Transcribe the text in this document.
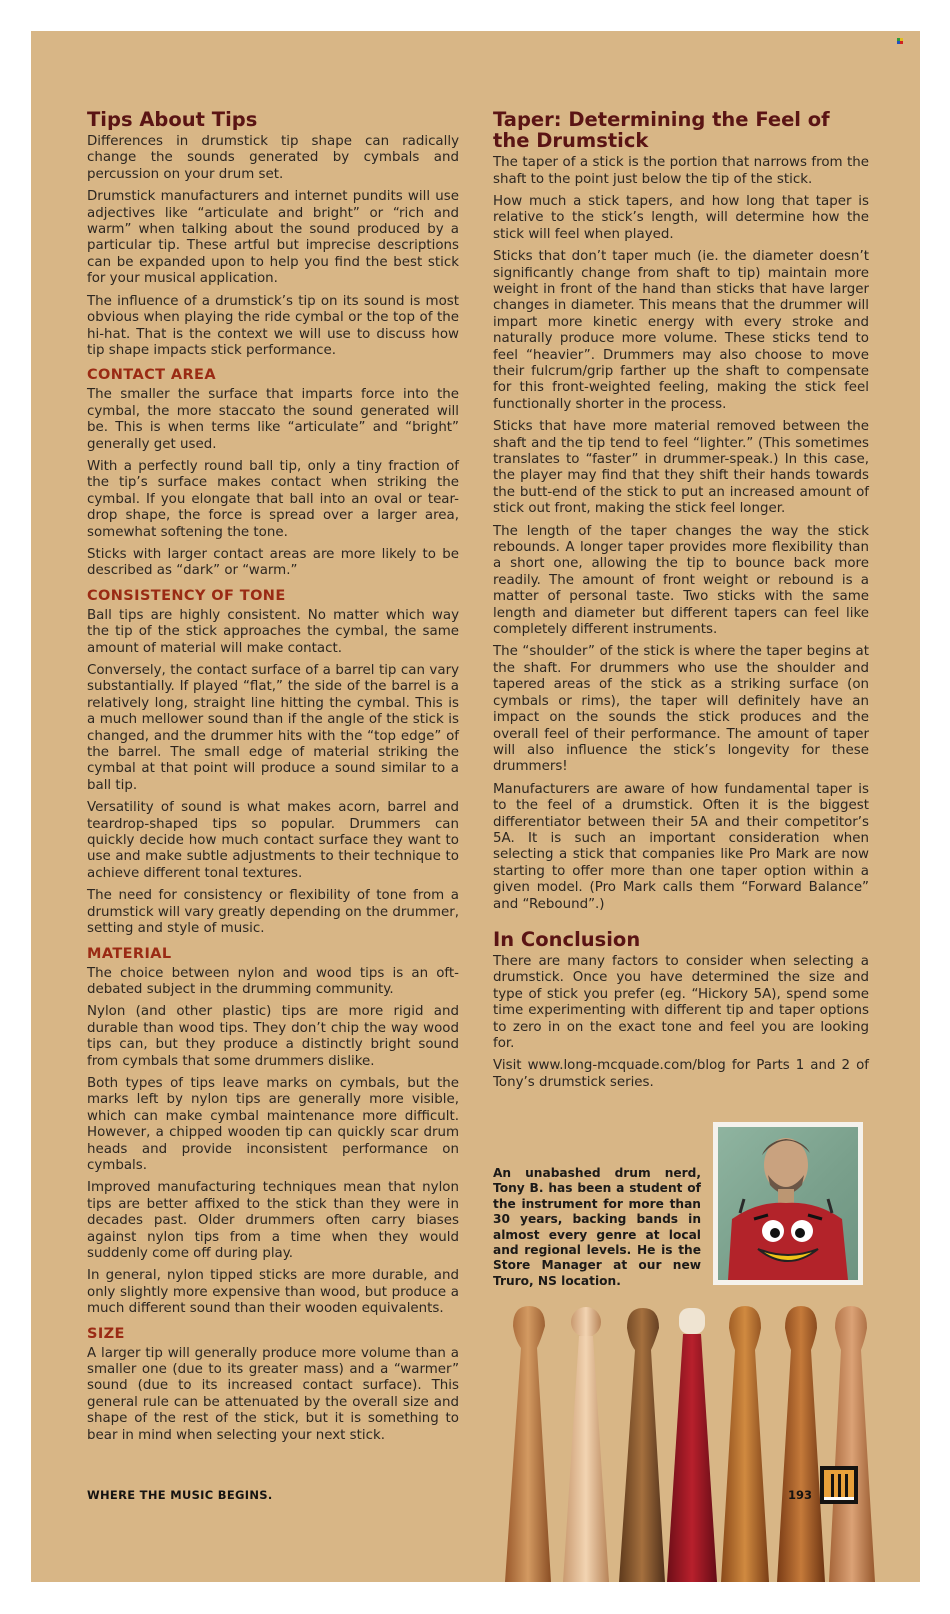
Tips About Tips

Differences in drumstick tip shape can radically change the sounds generated by cymbals and percussion on your drum set.

Drumstick manufacturers and internet pundits will use adjectives like “articulate and bright” or “rich and warm” when talking about the sound produced by a particular tip. These artful but imprecise descriptions can be expanded upon to help you find the best stick for your musical application.

The influence of a drumstick’s tip on its sound is most obvious when playing the ride cymbal or the top of the hi-hat. That is the context we will use to discuss how tip shape impacts stick performance.

CONTACT AREA

The smaller the surface that imparts force into the cymbal, the more staccato the sound generated will be. This is when terms like “articulate” and “bright” generally get used.

With a perfectly round ball tip, only a tiny fraction of the tip’s surface makes contact when striking the cymbal. If you elongate that ball into an oval or tear-drop shape, the force is spread over a larger area, somewhat softening the tone.

Sticks with larger contact areas are more likely to be described as “dark” or “warm.”

CONSISTENCY OF TONE

Ball tips are highly consistent. No matter which way the tip of the stick approaches the cymbal, the same amount of material will make contact.

Conversely, the contact surface of a barrel tip can vary substantially. If played “flat,” the side of the barrel is a relatively long, straight line hitting the cymbal. This is a much mellower sound than if the angle of the stick is changed, and the drummer hits with the “top edge” of the barrel. The small edge of material striking the cymbal at that point will produce a sound similar to a ball tip.

Versatility of sound is what makes acorn, barrel and teardrop-shaped tips so popular. Drummers can quickly decide how much contact surface they want to use and make subtle adjustments to their technique to achieve different tonal textures.

The need for consistency or flexibility of tone from a drumstick will vary greatly depending on the drummer, setting and style of music.

MATERIAL

The choice between nylon and wood tips is an oft-debated subject in the drumming community.

Nylon (and other plastic) tips are more rigid and durable than wood tips. They don’t chip the way wood tips can, but they produce a distinctly bright sound from cymbals that some drummers dislike.

Both types of tips leave marks on cymbals, but the marks left by nylon tips are generally more visible, which can make cymbal maintenance more difficult. However, a chipped wooden tip can quickly scar drum heads and provide inconsistent performance on cymbals.

Improved manufacturing techniques mean that nylon tips are better affixed to the stick than they were in decades past. Older drummers often carry biases against nylon tips from a time when they would suddenly come off during play.

In general, nylon tipped sticks are more durable, and only slightly more expensive than wood, but produce a much different sound than their wooden equivalents.

SIZE

A larger tip will generally produce more volume than a smaller one (due to its greater mass) and a “warmer” sound (due to its increased contact surface). This general rule can be attenuated by the overall size and shape of the rest of the stick, but it is something to bear in mind when selecting your next stick.

Taper: Determining the Feel of the Drumstick

The taper of a stick is the portion that narrows from the shaft to the point just below the tip of the stick.

How much a stick tapers, and how long that taper is relative to the stick’s length, will determine how the stick will feel when played.

Sticks that don’t taper much (ie. the diameter doesn’t significantly change from shaft to tip) maintain more weight in front of the hand than sticks that have larger changes in diameter. This means that the drummer will impart more kinetic energy with every stroke and naturally produce more volume. These sticks tend to feel “heavier”. Drummers may also choose to move their fulcrum/grip farther up the shaft to compensate for this front-weighted feeling, making the stick feel functionally shorter in the process.

Sticks that have more material removed between the shaft and the tip tend to feel “lighter.” (This sometimes translates to “faster” in drummer-speak.) In this case, the player may find that they shift their hands towards the butt-end of the stick to put an increased amount of stick out front, making the stick feel longer.

The length of the taper changes the way the stick rebounds. A longer taper provides more flexibility than a short one, allowing the tip to bounce back more readily. The amount of front weight or rebound is a matter of personal taste. Two sticks with the same length and diameter but different tapers can feel like completely different instruments.

The “shoulder” of the stick is where the taper begins at the shaft. For drummers who use the shoulder and tapered areas of the stick as a striking surface (on cymbals or rims), the taper will definitely have an impact on the sounds the stick produces and the overall feel of their performance. The amount of taper will also influence the stick’s longevity for these drummers!

Manufacturers are aware of how fundamental taper is to the feel of a drumstick. Often it is the biggest differentiator between their 5A and their competitor’s 5A. It is such an important consideration when selecting a stick that companies like Pro Mark are now starting to offer more than one taper option within a given model. (Pro Mark calls them “Forward Balance” and “Rebound”.)

In Conclusion

There are many factors to consider when selecting a drumstick. Once you have determined the size and type of stick you prefer (eg. “Hickory 5A), spend some time experimenting with different tip and taper options to zero in on the exact tone and feel you are looking for.

Visit www.long-mcquade.com/blog for Parts 1 and 2 of Tony’s drumstick series.

An unabashed drum nerd, Tony B. has been a student of the instrument for more than 30 years, backing bands in almost every genre at local and regional levels. He is the Store Manager at our new Truro, NS location.
WHERE THE MUSIC BEGINS.	193
